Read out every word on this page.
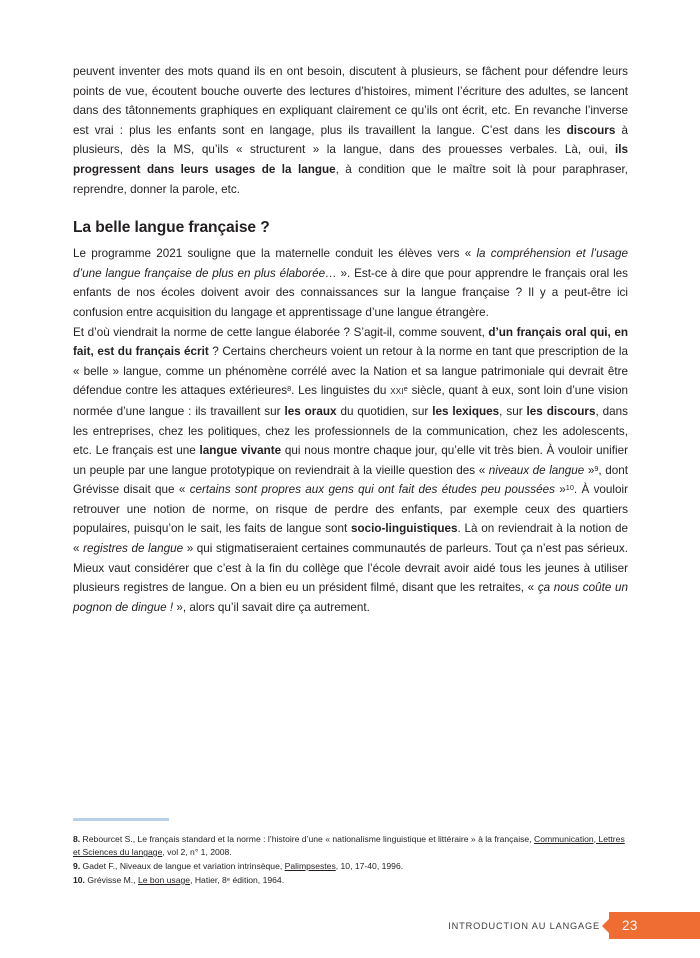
peuvent inventer des mots quand ils en ont besoin, discutent à plusieurs, se fâchent pour défendre leurs points de vue, écoutent bouche ouverte des lectures d’histoires, miment l’écriture des adultes, se lancent dans des tâtonnements graphiques en expliquant clairement ce qu’ils ont écrit, etc. En revanche l’inverse est vrai : plus les enfants sont en langage, plus ils travaillent la langue. C’est dans les discours à plusieurs, dès la MS, qu’ils « structurent » la langue, dans des prouesses verbales. Là, oui, ils progressent dans leurs usages de la langue, à condition que le maître soit là pour paraphraser, reprendre, donner la parole, etc.

La belle langue française ?

Le programme 2021 souligne que la maternelle conduit les élèves vers « la compréhension et l’usage d’une langue française de plus en plus élaborée… ». Est-ce à dire que pour apprendre le français oral les enfants de nos écoles doivent avoir des connaissances sur la langue française ? Il y a peut-être ici confusion entre acquisition du langage et apprentissage d’une langue étrangère.

Et d’où viendrait la norme de cette langue élaborée ? S’agit-il, comme souvent, d’un français oral qui, en fait, est du français écrit ? Certains chercheurs voient un retour à la norme en tant que prescription de la « belle » langue, comme un phénomène corrélé avec la Nation et sa langue patrimoniale qui devrait être défendue contre les attaques extérieures$^8$. Les linguistes du xxi$^e$ siècle, quant à eux, sont loin d’une vision normée d’une langue : ils travaillent sur les oraux du quotidien, sur les lexiques, sur les discours, dans les entreprises, chez les politiques, chez les professionnels de la communication, chez les adolescents, etc. Le français est une langue vivante qui nous montre chaque jour, qu’elle vit très bien. À vouloir unifier un peuple par une langue prototypique on reviendrait à la vieille question des « niveaux de langue »$^9$, dont Grévisse disait que « certains sont propres aux gens qui ont fait des études peu poussées »$^{10}$. À vouloir retrouver une notion de norme, on risque de perdre des enfants, par exemple ceux des quartiers populaires, puisqu’on le sait, les faits de langue sont socio-linguistiques. Là on reviendrait à la notion de « registres de langue » qui stigmatiseraient certaines communautés de parleurs. Tout ça n’est pas sérieux. Mieux vaut considérer que c’est à la fin du collège que l’école devrait avoir aidé tous les jeunes à utiliser plusieurs registres de langue. On a bien eu un président filmé, disant que les retraites, « ça nous coûte un pognon de dingue ! », alors qu’il savait dire ça autrement.

8. Rebourcet S., Le français standard et la norme : l’histoire d’une « nationalisme linguistique et littéraire » à la française, Communication, Lettres et Sciences du langage, vol 2, n° 1, 2008.

9. Gadet F., Niveaux de langue et variation intrinsèque, Palimpsestes, 10, 17-40, 1996.

10. Grévisse M., Le bon usage, Hatier, 8e édition, 1964.

INTRODUCTION AU LANGAGE	23
